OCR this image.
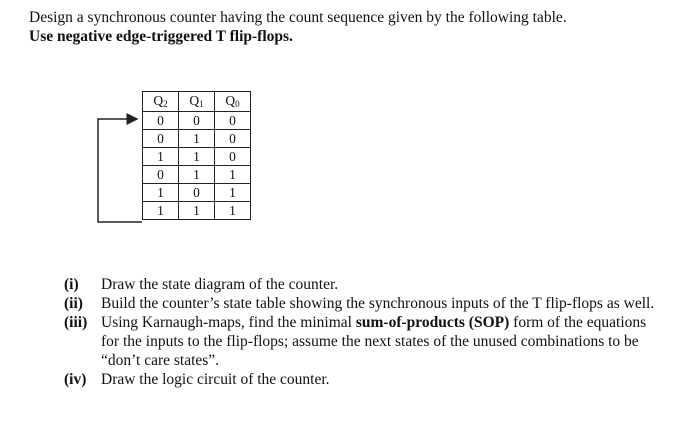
Design a synchronous counter having the count sequence given by the following table.
Use negative edge-triggered T flip-flops.
$Q_2$	$Q_1$	$Q_0$
0	0	0
0	1	0
1	1	0
0	1	1
1	0	1
1	1	1

(i)	Draw the state diagram of the counter.

(ii)	Build the counter’s state table showing the synchronous inputs of the T flip-flops as well.

(iii) Using Karnaugh-maps, find the minimal sum-of-products (SOP) form of the equations for the inputs to the flip-flops; assume the next states of the unused combinations to be “don’t care states”.

(iv) Draw the logic circuit of the counter.
